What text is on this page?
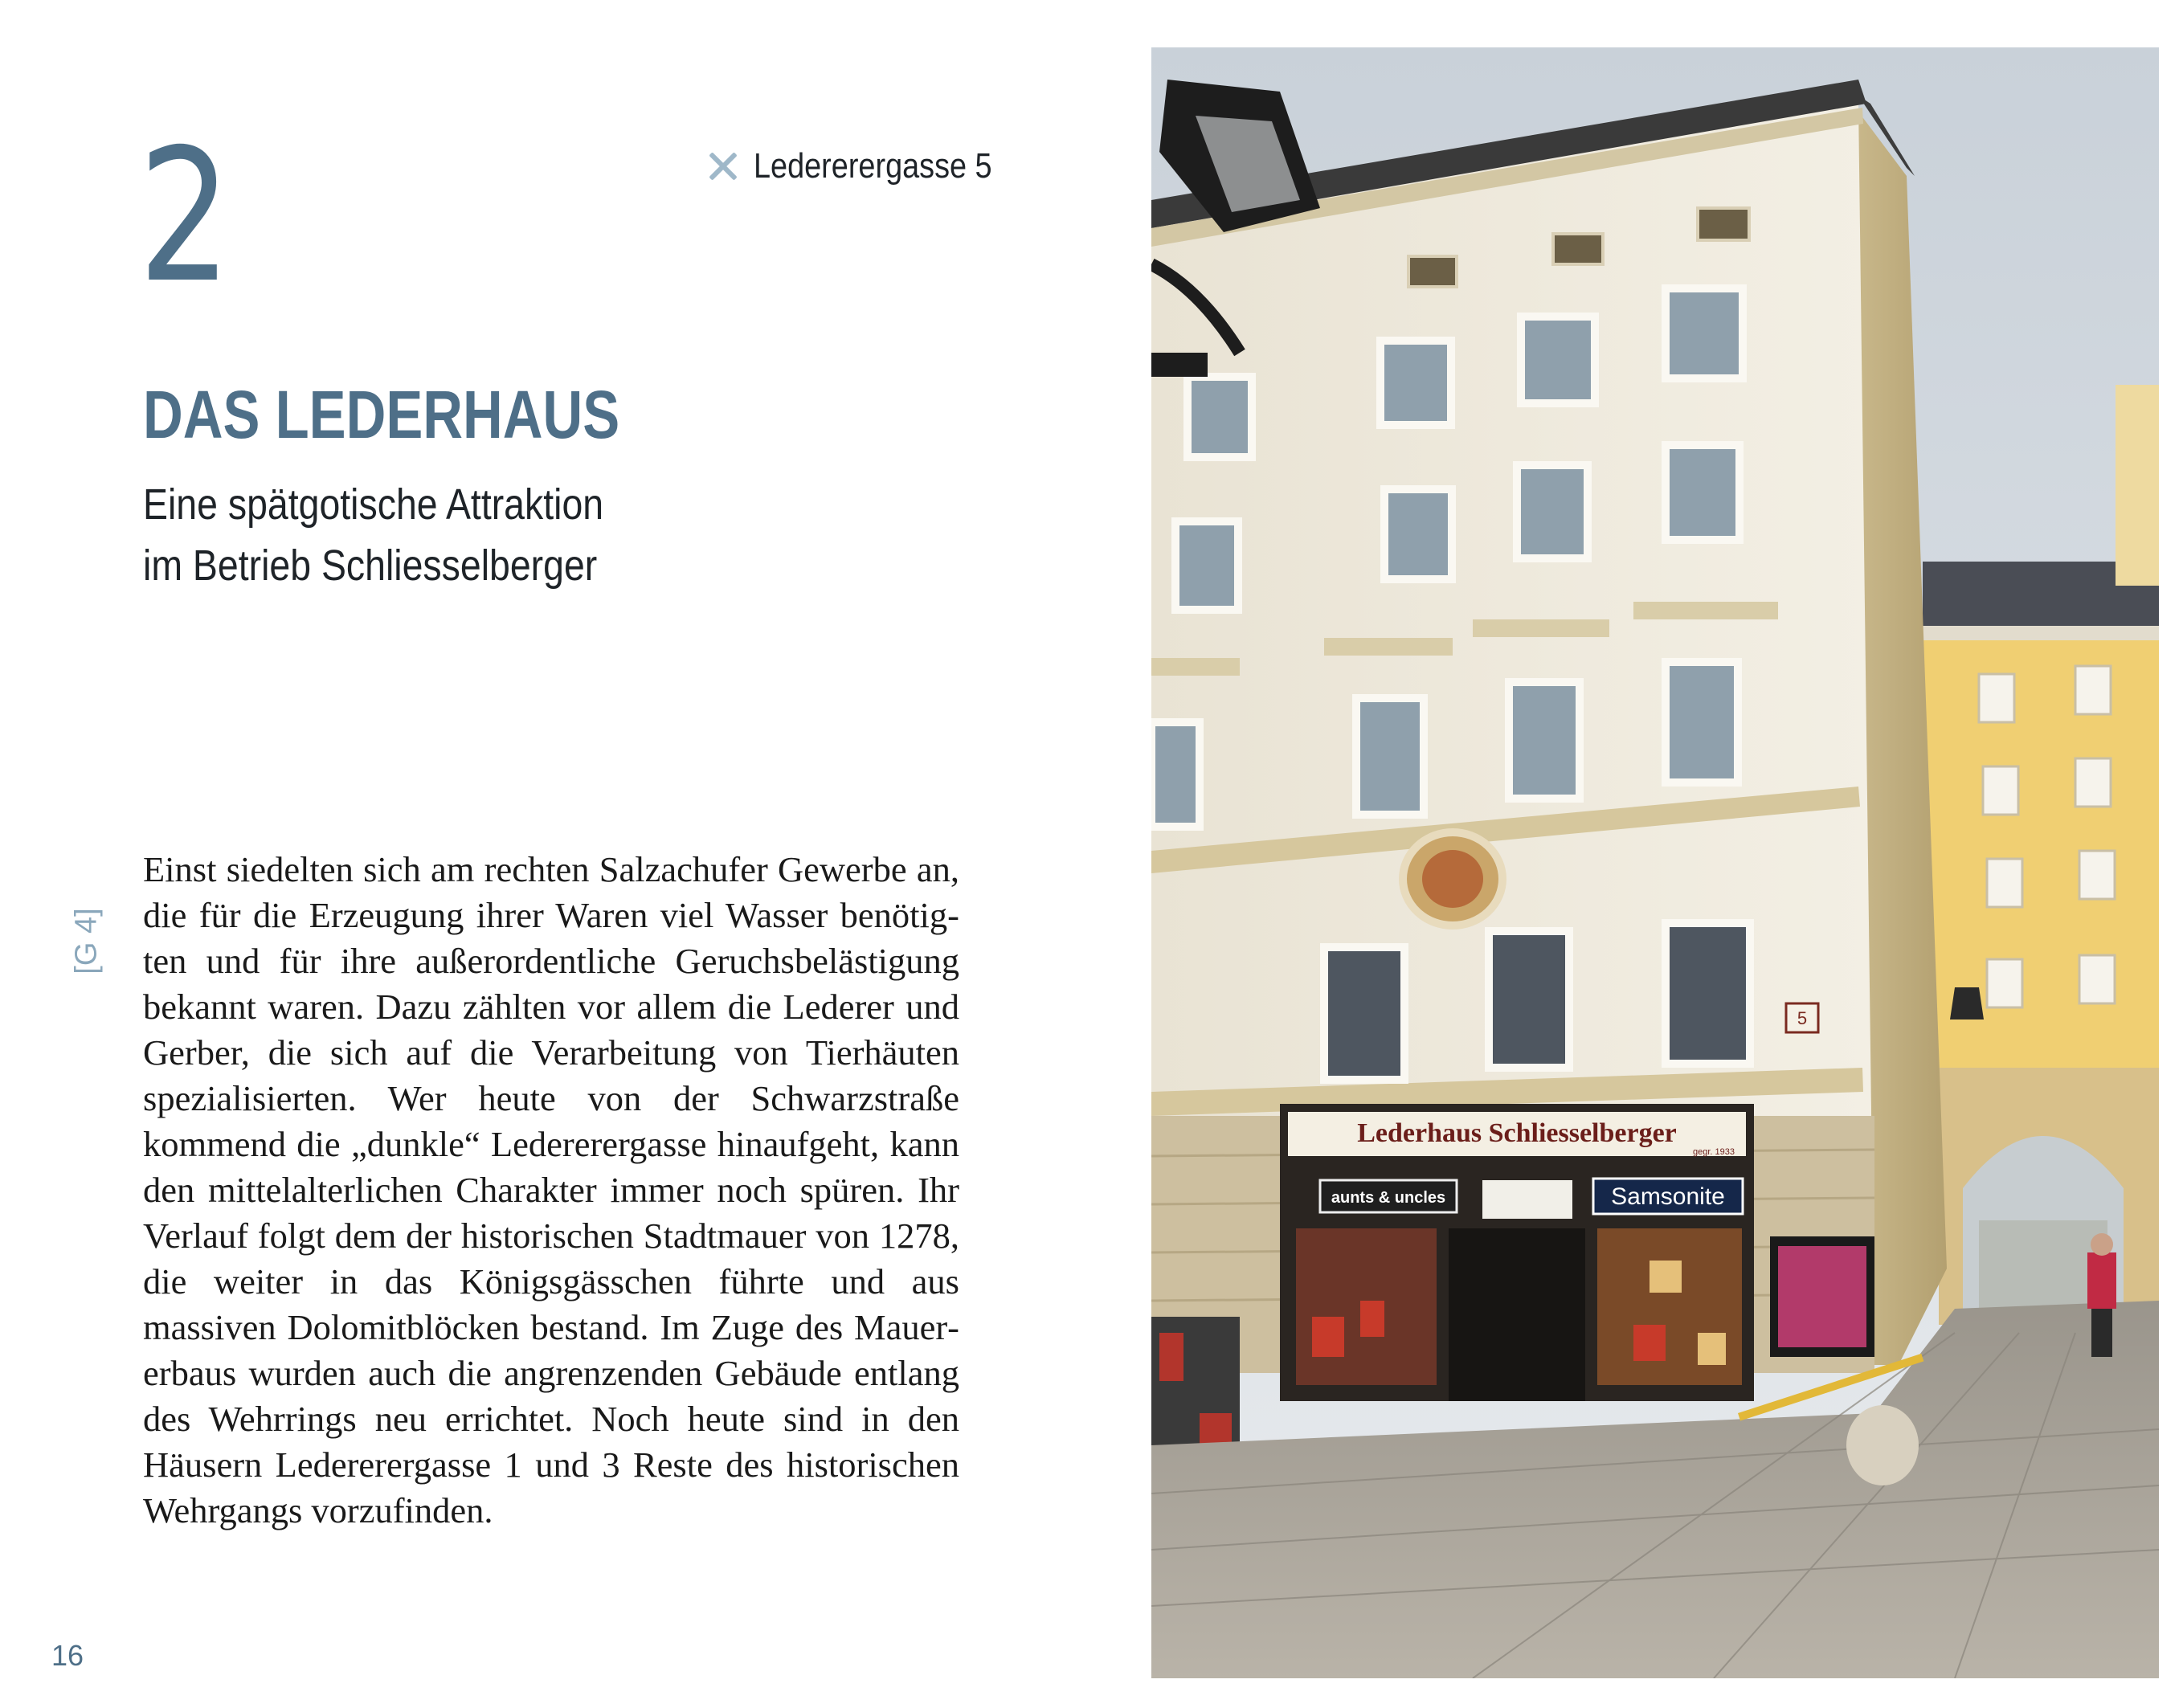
2	Ledererergasse 5
DAS LEDERHAUS
Eine spätgotische Attraktion
im Betrieb Schliesselberger
[G 4]
Einst siedelten sich am rechten Salzachufer Gewerbe an, die für die Erzeugung ihrer Waren viel Wasser benötigten und für ihre außerordentliche Geruchsbelästigung bekannt waren. Dazu zählten vor allem die Lederer und Gerber, die sich auf die Verarbeitung von Tierhäuten spezialisierten. Wer heute von der Schwarzstraße kommend die „dunkle“ Ledererergasse hinaufgeht, kann den mittelalterlichen Charakter immer noch spüren. Ihr Verlauf folgt dem der historischen Stadtmauer von 1278, die weiter in das Königsgässchen führte und aus massiven Dolomitblöcken bestand. Im Zuge des Mauererbaus wurden auch die angrenzenden Gebäude entlang des Wehrrings neu errichtet. Noch heute sind in den Häusern Ledererergasse 1 und 3 Reste des historischen Wehrgangs vorzufinden.
16
5
Lederhaus Schliesselberger
gegr. 1933
aunts & uncles	Samsonite
